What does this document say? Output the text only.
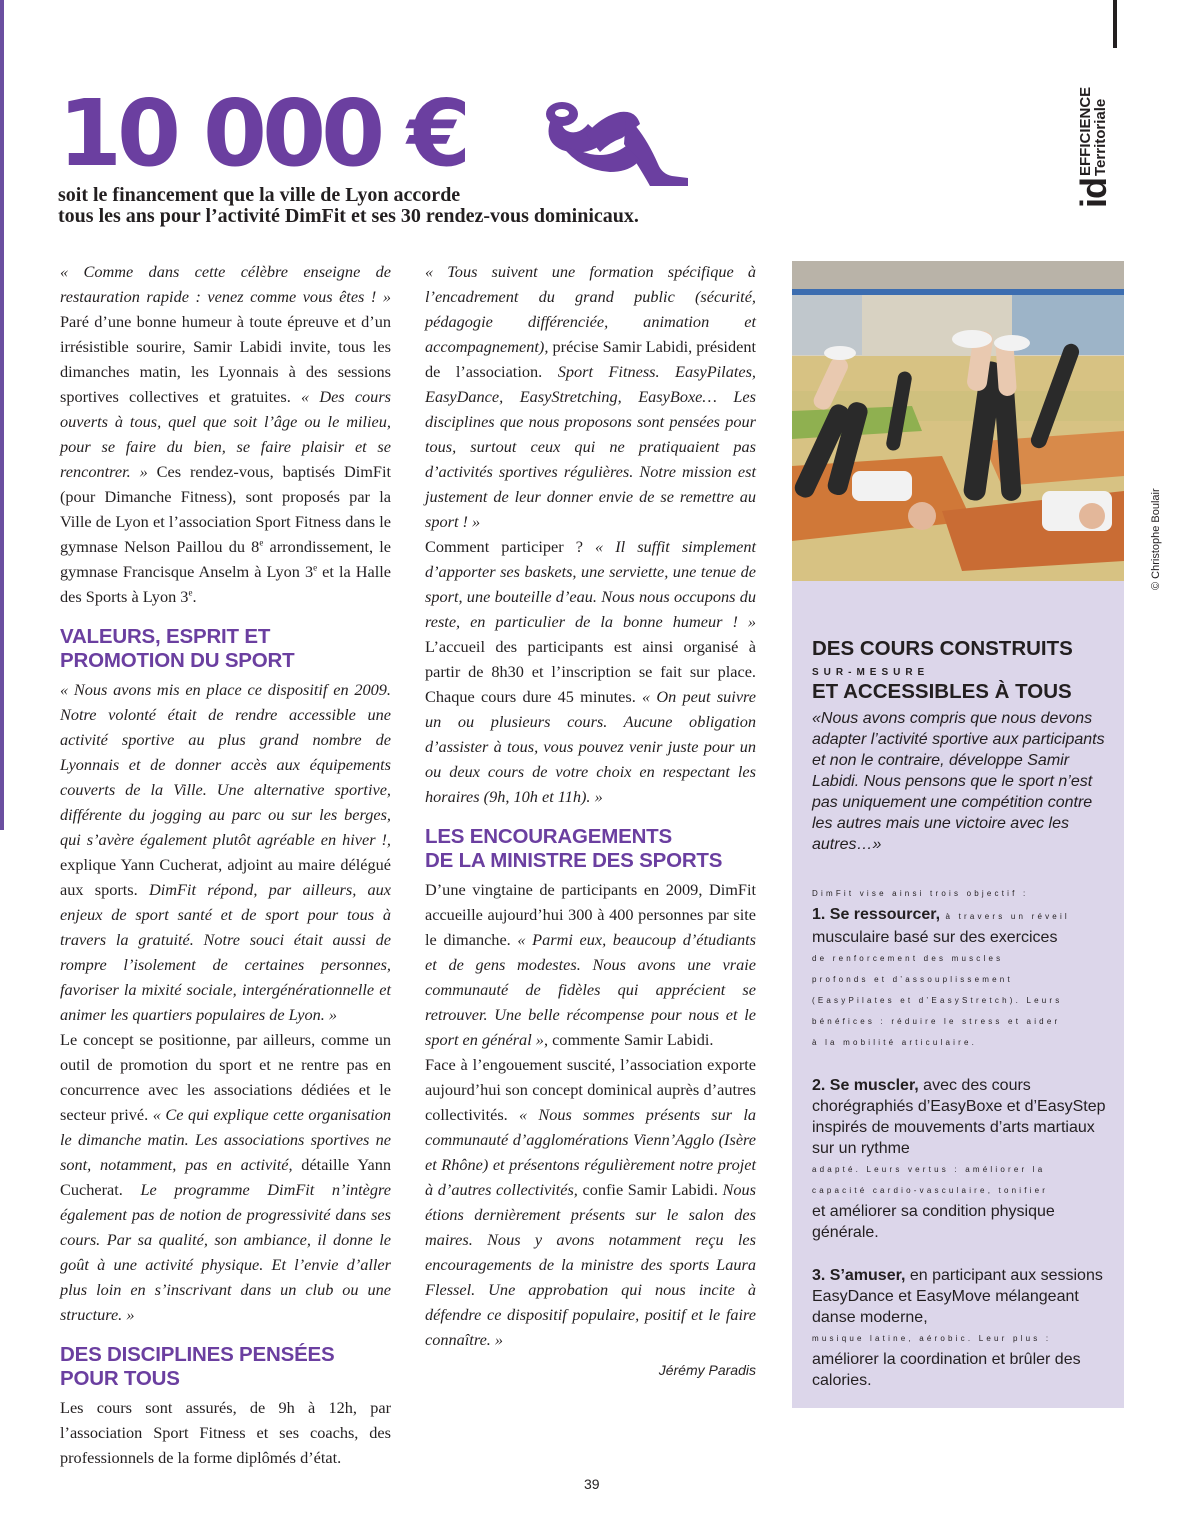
id
EFFICIENCE
Territoriale
10 000 €
soit le financement que la ville de Lyon accorde
tous les ans pour l’activité DimFit et ses 30 rendez-vous dominicaux.

« Comme dans cette célèbre enseigne de restauration rapide : venez comme vous êtes ! » Paré d’une bonne humeur à toute épreuve et d’un irrésistible sourire, Samir Labidi invite, tous les dimanches matin, les Lyonnais à des sessions sportives collectives et gratuites. « Des cours ouverts à tous, quel que soit l’âge ou le milieu, pour se faire du bien, se faire plaisir et se rencontrer. » Ces rendez-vous, baptisés DimFit (pour Dimanche Fitness), sont proposés par la Ville de Lyon et l’association Sport Fitness dans le gymnase Nelson Paillou du 8e arrondissement, le gymnase Francisque Anselm à Lyon 3e et la Halle des Sports à Lyon 3e.

VALEURS, ESPRIT ET
PROMOTION DU SPORT

« Nous avons mis en place ce dispositif en 2009. Notre volonté était de rendre accessible une activité sportive au plus grand nombre de Lyonnais et de donner accès aux équipements couverts de la Ville. Une alternative sportive, différente du jogging au parc ou sur les berges, qui s’avère également plutôt agréable en hiver !, explique Yann Cucherat, adjoint au maire délégué aux sports. DimFit répond, par ailleurs, aux enjeux de sport santé et de sport pour tous à travers la gratuité. Notre souci était aussi de rompre l’isolement de certaines personnes, favoriser la mixité sociale, intergénérationnelle et animer les quartiers populaires de Lyon. »

Le concept se positionne, par ailleurs, comme un outil de promotion du sport et ne rentre pas en concurrence avec les associations dédiées et le secteur privé. « Ce qui explique cette organisation le dimanche matin. Les associations sportives ne sont, notamment, pas en activité, détaille Yann Cucherat. Le programme DimFit n’intègre également pas de notion de progressivité dans ses cours. Par sa qualité, son ambiance, il donne le goût à une activité physique. Et l’envie d’aller plus loin en s’inscrivant dans un club ou une structure. »

DES DISCIPLINES PENSÉES
POUR TOUS

Les cours sont assurés, de 9h à 12h, par l’association Sport Fitness et ses coachs, des professionnels de la forme diplômés d’état.

« Tous suivent une formation spécifique à l’encadrement du grand public (sécurité, pédagogie différenciée, animation et accompagnement), précise Samir Labidi, président de l’association. Sport Fitness. EasyPilates, EasyDance, EasyStretching, EasyBoxe… Les disciplines que nous proposons sont pensées pour tous, surtout ceux qui ne pratiquaient pas d’activités sportives régulières. Notre mission est justement de leur donner envie de se remettre au sport ! »

Comment participer ? « Il suffit simplement d’apporter ses baskets, une serviette, une tenue de sport, une bouteille d’eau. Nous nous occupons du reste, en particulier de la bonne humeur ! » L’accueil des participants est ainsi organisé à partir de 8h30 et l’inscription se fait sur place. Chaque cours dure 45 minutes. « On peut suivre un ou plusieurs cours. Aucune obligation d’assister à tous, vous pouvez venir juste pour un ou deux cours de votre choix en respectant les horaires (9h, 10h et 11h). »

LES ENCOURAGEMENTS
DE LA MINISTRE DES SPORTS

D’une vingtaine de participants en 2009, DimFit accueille aujourd’hui 300 à 400 personnes par site le dimanche. « Parmi eux, beaucoup d’étudiants et de gens modestes. Nous avons une vraie communauté de fidèles qui apprécient se retrouver. Une belle récompense pour nous et le sport en général », commente Samir Labidi.

Face à l’engouement suscité, l’association exporte aujourd’hui son concept dominical auprès d’autres collectivités. « Nous sommes présents sur la communauté d’agglomérations Vienn’Agglo (Isère et Rhône) et présentons régulièrement notre projet à d’autres collectivités, confie Samir Labidi. Nous étions dernièrement présents sur le salon des maires. Nous y avons notamment reçu les encouragements de la ministre des sports Laura Flessel. Une approbation qui nous incite à défendre ce dispositif populaire, positif et le faire connaître. »

Jérémy Paradis
© Christophe Boulair
DES COURS CONSTRUITS
SUR-MESURE
ET ACCESSIBLES À TOUS
«Nous avons compris que nous devons adapter l’activité sportive aux participants et non le contraire, développe Samir Labidi. Nous pensons que le sport n’est pas uniquement une compétition contre les autres mais une victoire avec les autres…»
DimFit vise ainsi trois objectif :
1. Se ressourcer, à travers un réveil
musculaire basé sur des exercices
de renforcement des muscles
profonds et d’assouplissement
(EasyPilates et d’EasyStretch). Leurs
bénéfices : réduire le stress et aider
à la mobilité articulaire.
2. Se muscler, avec des cours chorégraphiés d’EasyBoxe et d’EasyStep inspirés de mouvements d’arts martiaux sur un rythme
adapté. Leurs vertus : améliorer la
capacité cardio-vasculaire, tonifier
et améliorer sa condition physique générale.
3. S’amuser, en participant aux sessions EasyDance et EasyMove mélangeant danse moderne,
musique latine, aérobic. Leur plus :
améliorer la coordination et brûler des calories.
39
